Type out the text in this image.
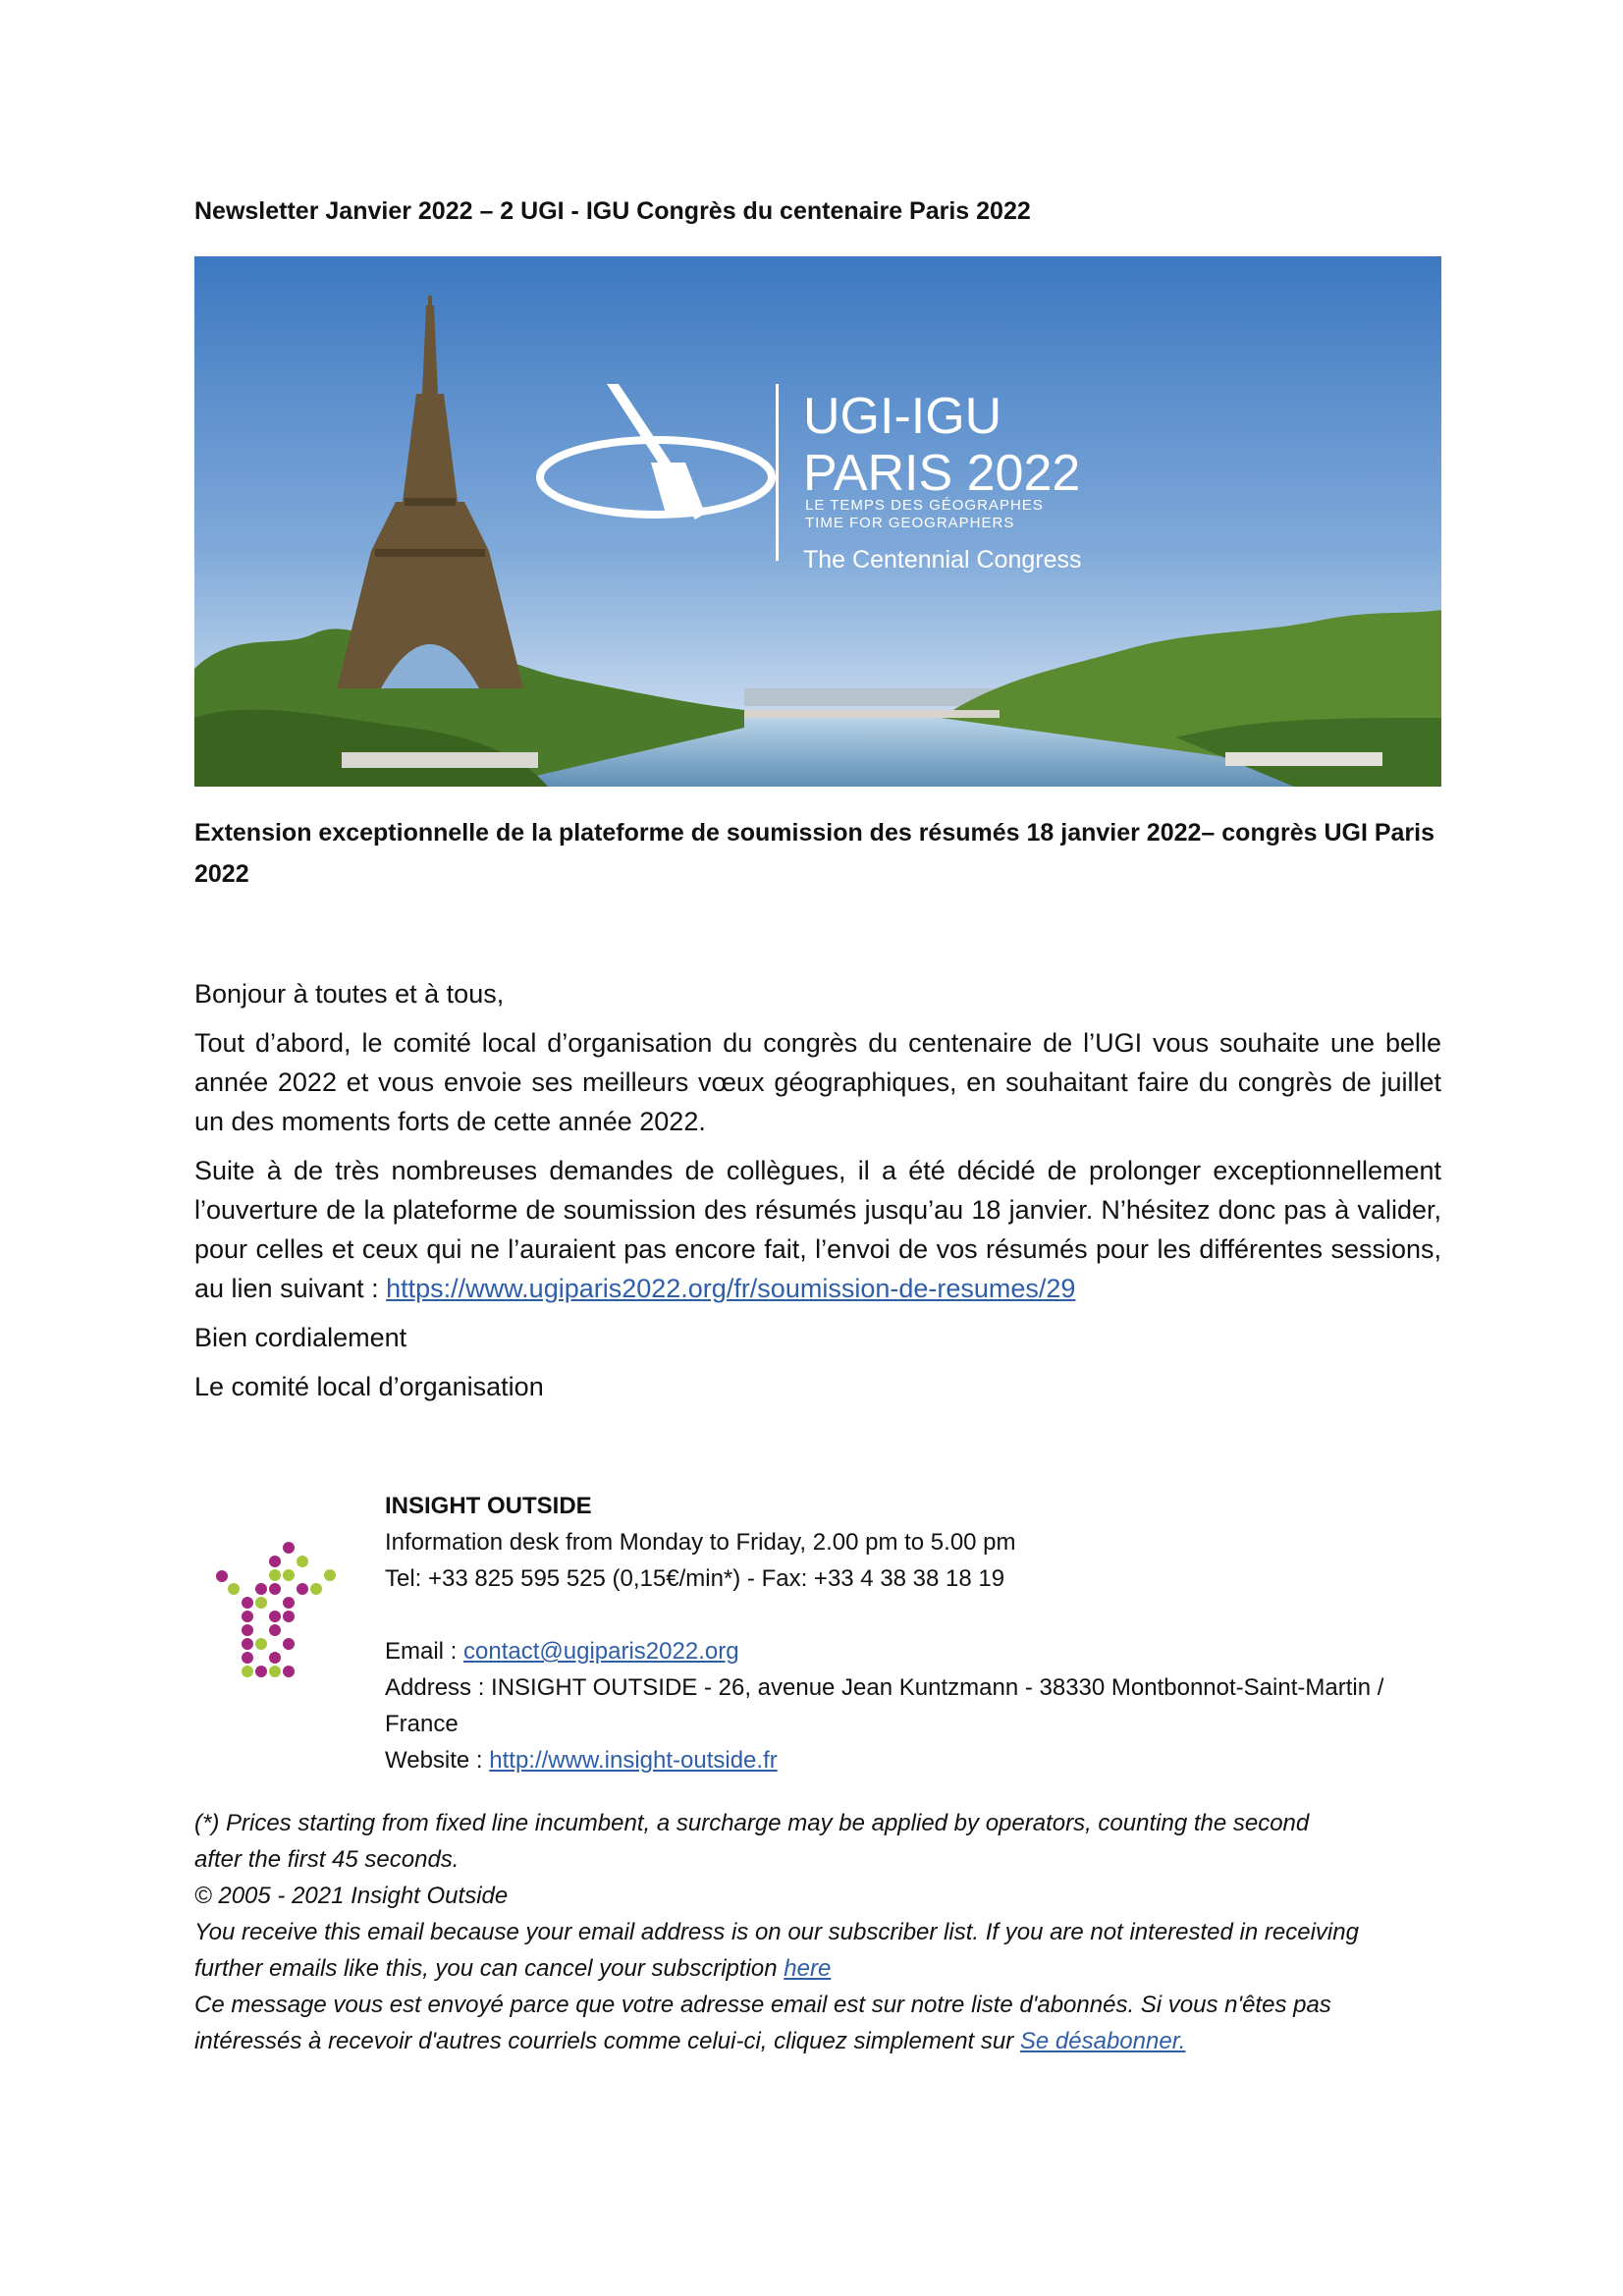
Newsletter Janvier 2022 – 2 UGI - IGU Congrès du centenaire Paris 2022
UGI-IGU
PARIS 2022
LE TEMPS DES GÉOGRAPHES
TIME FOR GEOGRAPHERS
The Centennial Congress
Extension exceptionnelle de la plateforme de soumission des résumés 18 janvier 2022– congrès UGI Paris 2022

Bonjour à toutes et à tous,

Tout d’abord, le comité local d’organisation du congrès du centenaire de l’UGI vous souhaite une belle année 2022 et vous envoie ses meilleurs vœux géographiques, en souhaitant faire du congrès de juillet un des moments forts de cette année 2022.

Suite à de très nombreuses demandes de collègues, il a été décidé de prolonger exceptionnellement l’ouverture de la plateforme de soumission des résumés jusqu’au 18 janvier. N’hésitez donc pas à valider, pour celles et ceux qui ne l’auraient pas encore fait, l’envoi de vos résumés pour les différentes sessions, au lien suivant : https://www.ugiparis2022.org/fr/soumission-de-resumes/29

Bien cordialement

Le comité local d’organisation

INSIGHT OUTSIDE
Information desk from Monday to Friday, 2.00 pm to 5.00 pm
Tel: +33 825 595 525 (0,15€/min*) - Fax: +33 4 38 38 18 19
Email : contact@ugiparis2022.org
Address : INSIGHT OUTSIDE - 26, avenue Jean Kuntzmann - 38330 Montbonnot-Saint-Martin /
France
Website : http://www.insight-outside.fr
(*) Prices starting from fixed line incumbent, a surcharge may be applied by operators, counting the second
after the first 45 seconds.
© 2005 - 2021 Insight Outside
You receive this email because your email address is on our subscriber list. If you are not interested in receiving
further emails like this, you can cancel your subscription here
Ce message vous est envoyé parce que votre adresse email est sur notre liste d'abonnés. Si vous n'êtes pas
intéressés à recevoir d'autres courriels comme celui-ci, cliquez simplement sur Se désabonner.
